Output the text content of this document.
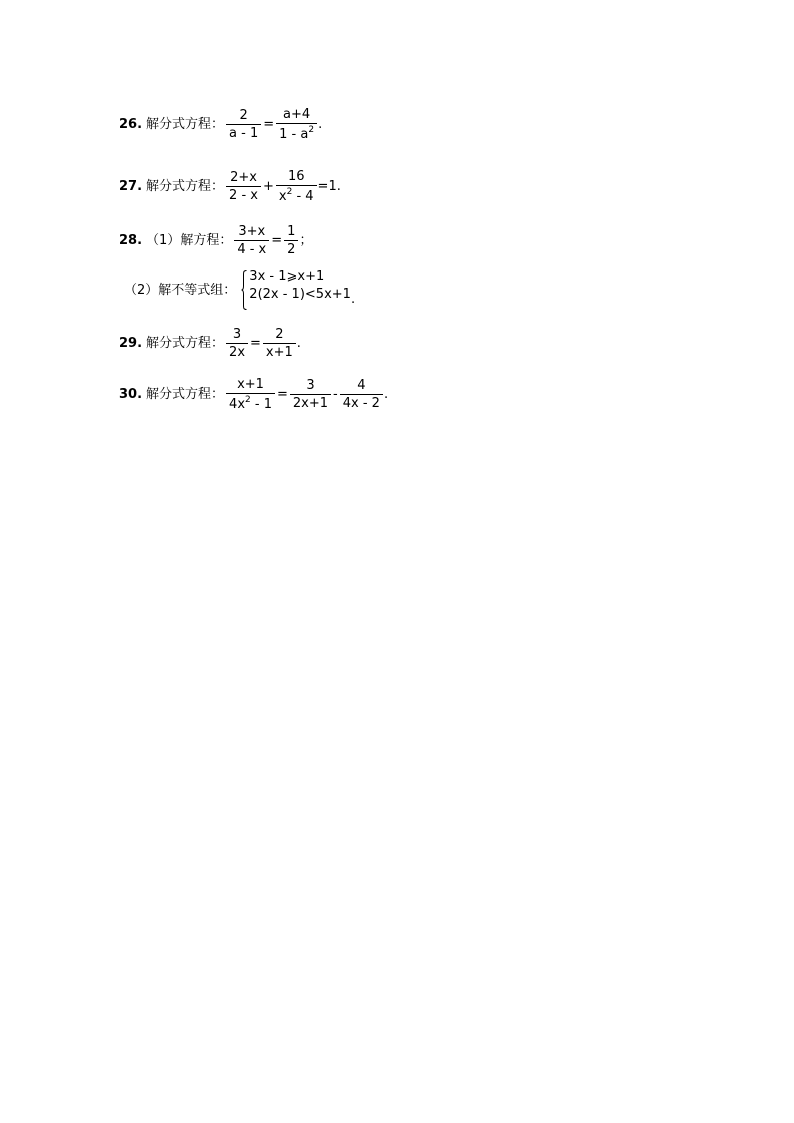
26. 解分式方程： $\frac{2}{a - 1} = \frac{a+4}{1 - a^2}$ .
27. 解分式方程： $\frac{2+x}{2 - x} + \frac{16}{x^2 - 4} =1$.
28. （1） 解方程： $\frac{3+x}{4 - x} = \frac{1}{2}$ ；
（2） 解不等式组：
3x - 1⩾x+1
2(2x - 1)<5x+1 .
29. 解分式方程： $\frac{3}{2x} = \frac{2}{x+1}$ .
30. 解分式方程： $\frac{x+1}{4x^2 - 1} = \frac{3}{2x+1} - \frac{4}{4x - 2}$ .
